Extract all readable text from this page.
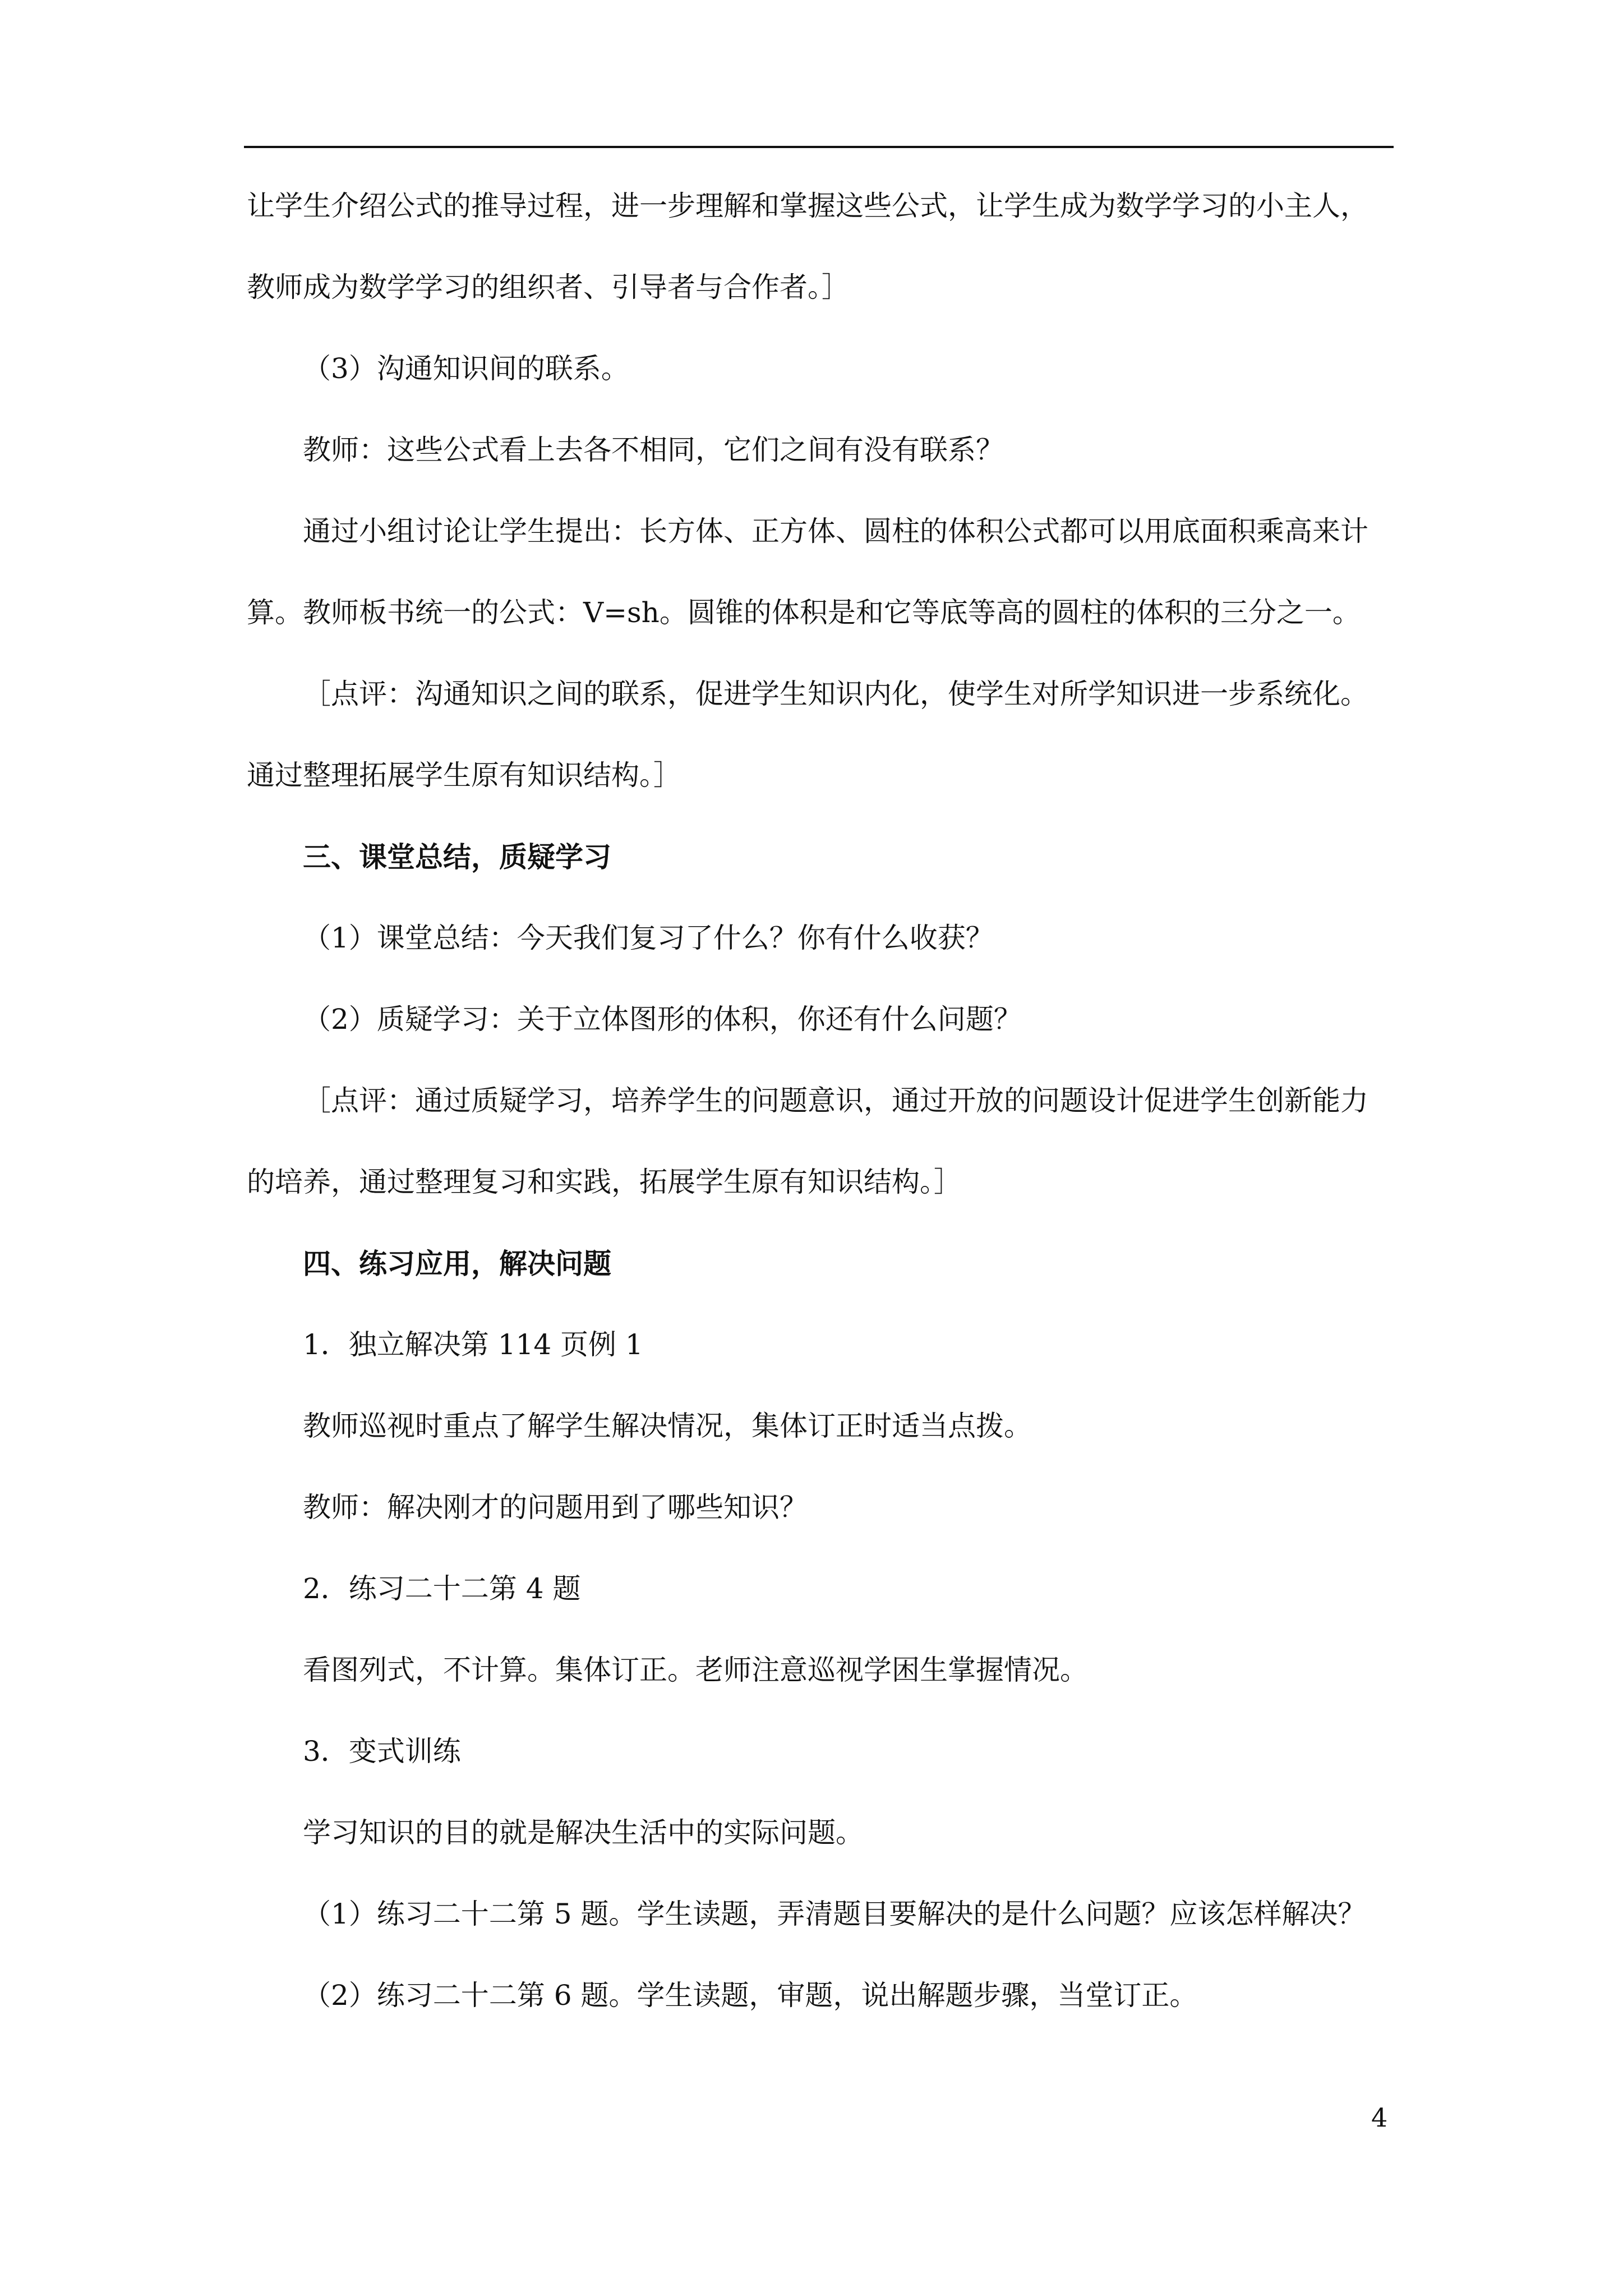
让学生介绍公式的推导过程，进一步理解和掌握这些公式，让学生成为数学学习的小主人，

教师成为数学学习的组织者、引导者与合作者。］

（3）沟通知识间的联系。

教师：这些公式看上去各不相同，它们之间有没有联系？

通过小组讨论让学生提出：长方体、正方体、圆柱的体积公式都可以用底面积乘高来计

算。教师板书统一的公式：V=sh。圆锥的体积是和它等底等高的圆柱的体积的三分之一。

［点评：沟通知识之间的联系，促进学生知识内化，使学生对所学知识进一步系统化。

通过整理拓展学生原有知识结构。］

三、课堂总结，质疑学习

（1）课堂总结：今天我们复习了什么？你有什么收获？

（2）质疑学习：关于立体图形的体积，你还有什么问题？

［点评：通过质疑学习，培养学生的问题意识，通过开放的问题设计促进学生创新能力

的培养，通过整理复习和实践，拓展学生原有知识结构。］

四、练习应用，解决问题

1．独立解决第 114 页例 1

教师巡视时重点了解学生解决情况，集体订正时适当点拨。

教师：解决刚才的问题用到了哪些知识？

2．练习二十二第 4 题

看图列式，不计算。集体订正。老师注意巡视学困生掌握情况。

3．变式训练

学习知识的目的就是解决生活中的实际问题。

（1）练习二十二第 5 题。学生读题，弄清题目要解决的是什么问题？应该怎样解决？

（2）练习二十二第 6 题。学生读题，审题，说出解题步骤，当堂订正。

4
